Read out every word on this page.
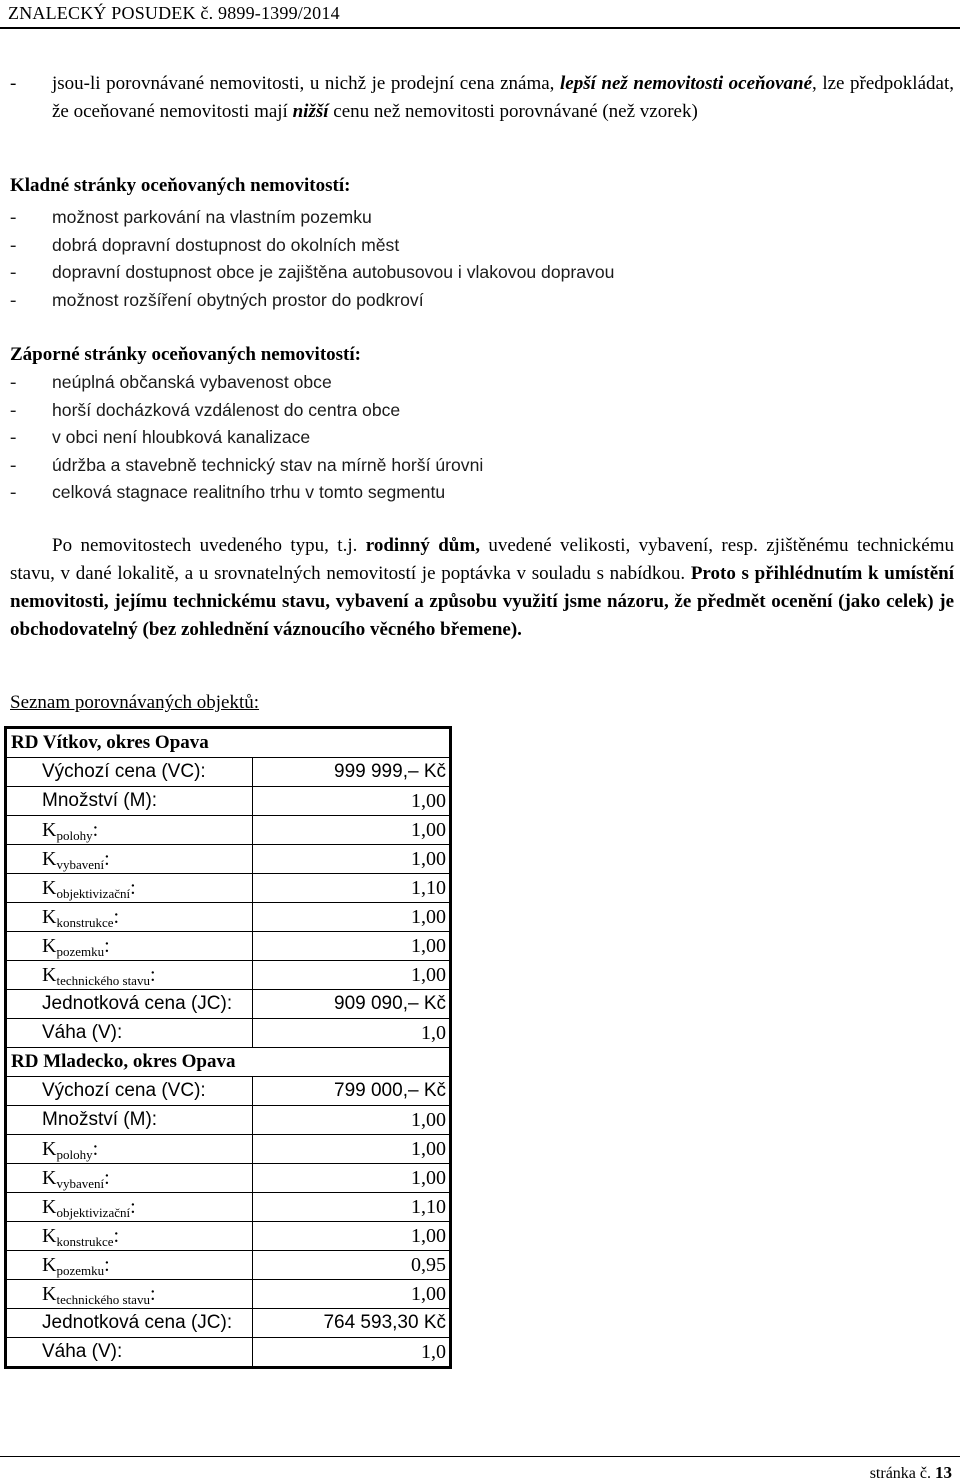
ZNALECKÝ POSUDEK č. 9899-1399/2014

- jsou-li porovnávané nemovitosti, u nichž je prodejní cena známa, lepší než nemovitosti oceňované, lze předpokládat, že oceňované nemovitosti mají nižší cenu než nemovitosti porovnávané (než vzorek)

Kladné stránky oceňovaných nemovitostí:
- možnost parkování na vlastním pozemku
- dobrá dopravní dostupnost do okolních měst
- dopravní dostupnost obce je zajištěna autobusovou i vlakovou dopravou
- možnost rozšíření obytných prostor do podkroví
Záporné stránky oceňovaných nemovitostí:
- neúplná občanská vybavenost obce
- horší docházková vzdálenost do centra obce
- v obci není hloubková kanalizace
- údržba a stavebně technický stav na mírně horší úrovni
- celková stagnace realitního trhu v tomto segmentu

Po nemovitostech uvedeného typu, t.j. rodinný dům, uvedené velikosti, vybavení, resp. zjištěnému technickému stavu, v dané lokalitě, a u srovnatelných nemovitostí je poptávka v souladu s nabídkou. Proto s přihlédnutím k umístění nemovitosti, jejímu technickému stavu, vybavení a způsobu využití jsme názoru, že předmět ocenění (jako celek) je obchodovatelný (bez zohlednění váznoucího věcného břemene).

Seznam porovnávaných objektů:
RD Vítkov, okres Opava
Výchozí cena (VC):	999 999,– Kč
Množství (M):	1,00
$K_{polohy}$:	1,00
$K_{vybavení}$:	1,00
$K_{objektivizační}$:	1,10
$K_{konstrukce}$:	1,00
$K_{pozemku}$:	1,00
$K_{technického stavu}$:	1,00
Jednotková cena (JC):	909 090,– Kč
Váha (V):	1,0
RD Mladecko, okres Opava
Výchozí cena (VC):	799 000,– Kč
Množství (M):	1,00
$K_{polohy}$:	1,00
$K_{vybavení}$:	1,00
$K_{objektivizační}$:	1,10
$K_{konstrukce}$:	1,00
$K_{pozemku}$:	0,95
$K_{technického stavu}$:	1,00
Jednotková cena (JC):	764 593,30 Kč
Váha (V):	1,0
stránka č. 13
